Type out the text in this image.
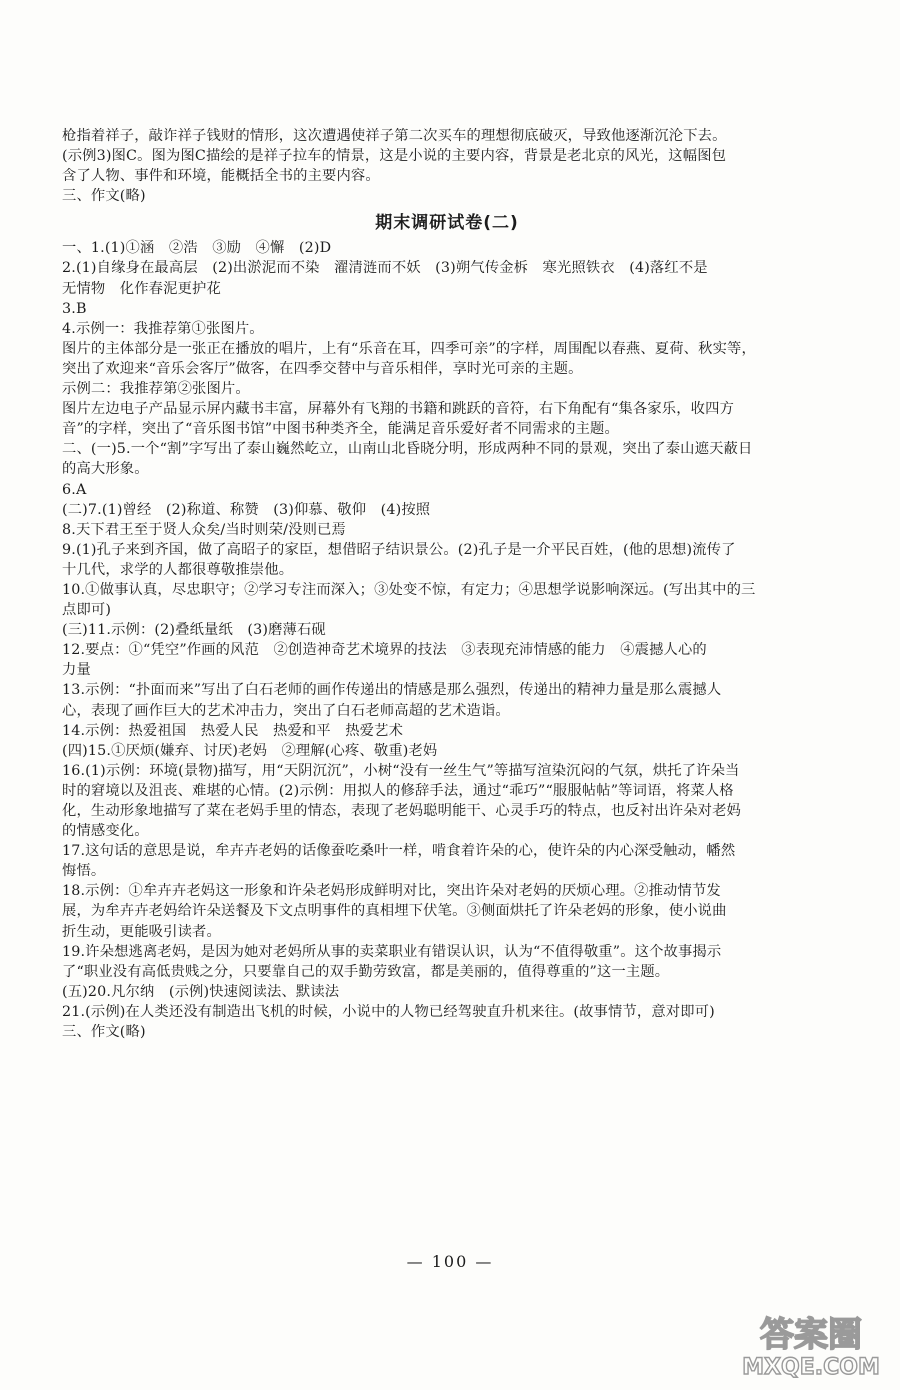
枪指着祥子，敲诈祥子钱财的情形，这次遭遇使祥子第二次买车的理想彻底破灭，导致他逐渐沉沦下去。
(示例3)图C。图为图C描绘的是祥子拉车的情景，这是小说的主要内容，背景是老北京的风光，这幅图包
含了人物、事件和环境，能概括全书的主要内容。
三、作文(略)
期末调研试卷(二)
一、1.(1)①涵　②浩　③励　④懈　(2)D
2.(1)自缘身在最高层　(2)出淤泥而不染　濯清涟而不妖　(3)朔气传金柝　寒光照铁衣　(4)落红不是
无情物　化作春泥更护花
3.B
4.示例一：我推荐第①张图片。
图片的主体部分是一张正在播放的唱片，上有“乐音在耳，四季可亲”的字样，周围配以春燕、夏荷、秋实等，
突出了欢迎来“音乐会客厅”做客，在四季交替中与音乐相伴，享时光可亲的主题。
示例二：我推荐第②张图片。
图片左边电子产品显示屏内藏书丰富，屏幕外有飞翔的书籍和跳跃的音符，右下角配有“集各家乐，收四方
音”的字样，突出了“音乐图书馆”中图书种类齐全，能满足音乐爱好者不同需求的主题。
二、(一)5.一个“割”字写出了泰山巍然屹立，山南山北昏晓分明，形成两种不同的景观，突出了泰山遮天蔽日
的高大形象。
6.A
(二)7.(1)曾经　(2)称道、称赞　(3)仰慕、敬仰　(4)按照
8.天下君王至于贤人众矣/当时则荣/没则已焉
9.(1)孔子来到齐国，做了高昭子的家臣，想借昭子结识景公。(2)孔子是一介平民百姓，(他的思想)流传了
十几代，求学的人都很尊敬推崇他。
10.①做事认真，尽忠职守；②学习专注而深入；③处变不惊，有定力；④思想学说影响深远。(写出其中的三
点即可)
(三)11.示例：(2)叠纸量纸　(3)磨薄石砚
12.要点：①“凭空”作画的风范　②创造神奇艺术境界的技法　③表现充沛情感的能力　④震撼人心的
力量
13.示例：“扑面而来”写出了白石老师的画作传递出的情感是那么强烈，传递出的精神力量是那么震撼人
心，表现了画作巨大的艺术冲击力，突出了白石老师高超的艺术造诣。
14.示例：热爱祖国　热爱人民　热爱和平　热爱艺术
(四)15.①厌烦(嫌弃、讨厌)老妈　②理解(心疼、敬重)老妈
16.(1)示例：环境(景物)描写，用“天阴沉沉”，小树“没有一丝生气”等描写渲染沉闷的气氛，烘托了许朵当
时的窘境以及沮丧、难堪的心情。(2)示例：用拟人的修辞手法，通过“乖巧”“服服帖帖”等词语，将菜人格
化，生动形象地描写了菜在老妈手里的情态，表现了老妈聪明能干、心灵手巧的特点，也反衬出许朵对老妈
的情感变化。
17.这句话的意思是说，牟卉卉老妈的话像蚕吃桑叶一样，啃食着许朵的心，使许朵的内心深受触动，幡然
悔悟。
18.示例：①牟卉卉老妈这一形象和许朵老妈形成鲜明对比，突出许朵对老妈的厌烦心理。②推动情节发
展，为牟卉卉老妈给许朵送餐及下文点明事件的真相埋下伏笔。③侧面烘托了许朵老妈的形象，使小说曲
折生动，更能吸引读者。
19.许朵想逃离老妈，是因为她对老妈所从事的卖菜职业有错误认识，认为“不值得敬重”。这个故事揭示
了“职业没有高低贵贱之分，只要靠自己的双手勤劳致富，都是美丽的，值得尊重的”这一主题。
(五)20.凡尔纳　(示例)快速阅读法、默读法
21.(示例)在人类还没有制造出飞机的时候，小说中的人物已经驾驶直升机来往。(故事情节，意对即可)
三、作文(略)
— 100 —
答案圈
MXQE.COM
